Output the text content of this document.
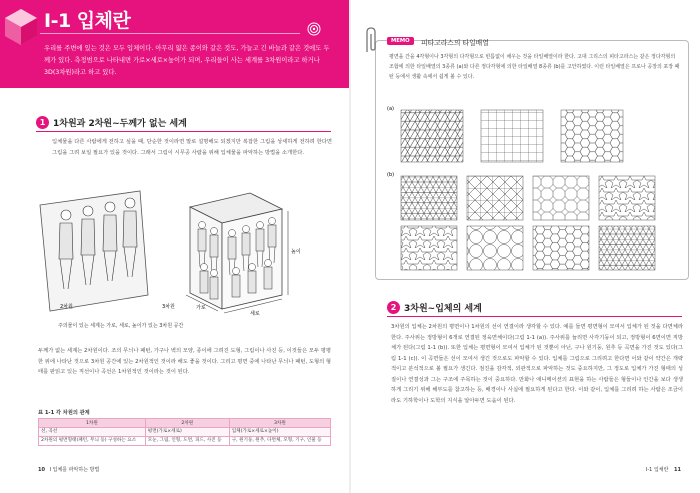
Ⅰ-1 입체란
우리를 주변에 있는 것은 모두 입체이다. 아무리 얇은 종이와 같은 것도, 가늘고 긴 바늘과 같은 것에도 두께가 있다. 측정범으로 나타내면 가로×세로×높이가 되며, 우리들이 사는 세계를 3차원이라고 하거나 3D(3차원)라고 하고 있다.
1 1차원과 2차원~두께가 없는 세계
입체물을 다른 사람에게 전하고 싶을 때, 단순한 것이라면 말로 설명해도 되겠지만 복잡한 그림을 상세하게 전하려 한다면 그림을 그려 보일 필요가 있을 것이다. 그래서 그림이 시무공 사람을 위해 입체물을 파악하는 방법을 소개한다.
2차원	3차원	가로
세로
높이
주의물이 있는 세계는 가로, 세로, 높이가 있는 3차원 공간
두께가 없는 세계는 2차원이다. 조의 무늬나 패턴, 가구나 벽의 모양, 종이에 그려진 도형, 그림이나 사진 등, 이것들은 모두 평평한 위에 나타난 것으로 3차원 공간에 있는 2차원적인 것이라 해도 좋을 것이다. 그리고 평면 중에 나타난 무늬나 패턴, 도형의 형태를 판읽고 있는 직선이나 곡선은 1차원적인 것이라는 것이 된다.
표 1-1 각 차원의 관계
1차원	2차원	3차원
선, 곡선	평면(가로×세로)	입체(가로×세로×높이)
2차원의 평면형태(패턴, 무늬 등) 구성하는 요소	모눈, 그림, 인형, 도면, 피드, 사진 등	구, 원기둥, 원추, 다면체, 모형, 기구, 인물 등
10 Ⅰ 입체를 파악하는 방법
MEMO	피타고라스의 타일배열
평면을 간을 4각형이나 3각형의 다각형으로 빈틈없이 채우는 것을 타일배열이라 한다. 고대 그리스의 피타고라스는 같은 정다각형의 조합에 의한 타일배열의 3종류 (a)와 다른 정다각형에 의한 타일배열 8종류 (b)를 고안하였다. 이런 타일배열은 프로나 공장의 포장 패턴 등에서 생활 속에서 쉽게 볼 수 있다.
(a)
(b)
2 3차원~입체의 세계
3차원의 입체는 2차원의 평면이나 1차원의 선이 연결이라 생각할 수 있다. 예를 들면 평면형이 모여서 입체가 된 것을 다면체라 한다. 주사위는 정방형이 6개로 연결된 정육면체이다(그림 1-1 (a)). 주사위를 늘리면 사각기둥이 되고, 정방형이 6면이면 직방체가 된다(그림 1-1 (b)). 또한 입체는 평면형이 모여서 입체가 된 것뿐이 아닌, 구나 원기둥, 원추 등 곡면을 가진 것도 있다(그림 1-1 (c)). 이 곡면들은 선이 모여서 생긴 것으로도 파악할 수 있다. 입체를 그림으로 그리려고 한다면 이와 같이 약간은 개략적이고 분석적으로 볼 필요가 생긴다. 점진을 감각적, 외관적으로 파악하는 것도 중요하지만, 그 정도로 입체가 가진 형태의 성질이나 연결성과 그는 구조에 주목하는 것이 중요하다. 만화나 애니메이션의 표현을 하는 사람들은 형들이나 인간을 보다 생생하게 그리기 위해 해부도를 참고하는 등, 배경이나 사실에 필요하게 된다고 한다. 이와 같이, 입체를 그리려 하는 사람은 조금이라도 기하학이나 도학의 지식을 알아두면 도움이 된다.
Ⅰ-1 입체란 11
